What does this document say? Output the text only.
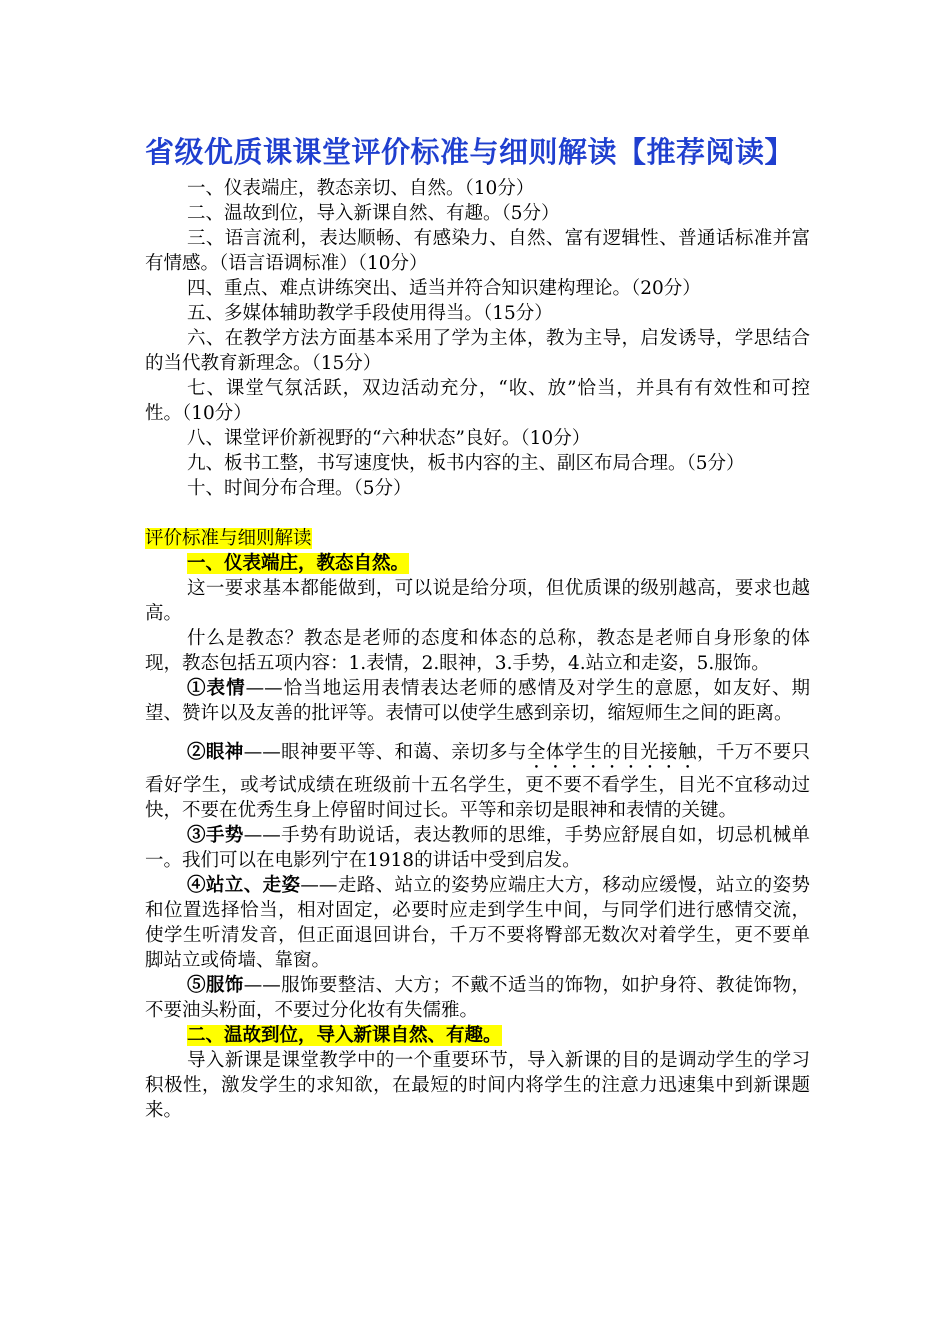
省级优质课课堂评价标准与细则解读【推荐阅读】

一、仪表端庄，教态亲切、自然。（10分）

二、温故到位，导入新课自然、有趣。（5分）

三、语言流利，表达顺畅、有感染力、自然、富有逻辑性、普通话标准并富有情感。（语言语调标准）（10分）

四、重点、难点讲练突出、适当并符合知识建构理论。（20分）

五、多媒体辅助教学手段使用得当。（15分）

六、在教学方法方面基本采用了学为主体，教为主导，启发诱导，学思结合的当代教育新理念。（15分）

七、课堂气氛活跃，双边活动充分，“收、放”恰当，并具有有效性和可控性。（10分）

八、课堂评价新视野的“六种状态”良好。（10分）

九、板书工整，书写速度快，板书内容的主、副区布局合理。（5分）

十、时间分布合理。（5分）

评价标准与细则解读

一、仪表端庄，教态自然。

这一要求基本都能做到，可以说是给分项，但优质课的级别越高，要求也越高。

什么是教态？教态是老师的态度和体态的总称，教态是老师自身形象的体现，教态包括五项内容：1.表情，2.眼神，3.手势，4.站立和走姿，5.服饰。

①表情——恰当地运用表情表达老师的感情及对学生的意愿，如友好、期望、赞许以及友善的批评等。表情可以使学生感到亲切，缩短师生之间的距离。

②眼神——眼神要平等、和蔼、亲切多与全体学生的目光接触，千万不要只看好学生，或考试成绩在班级前十五名学生，更不要不看学生，目光不宜移动过快，不要在优秀生身上停留时间过长。平等和亲切是眼神和表情的关键。

③手势——手势有助说话，表达教师的思维，手势应舒展自如，切忌机械单一。我们可以在电影列宁在1918的讲话中受到启发。

④站立、走姿——走路、站立的姿势应端庄大方，移动应缓慢，站立的姿势和位置选择恰当，相对固定，必要时应走到学生中间，与同学们进行感情交流，使学生听清发音，但正面退回讲台，千万不要将臀部无数次对着学生，更不要单脚站立或倚墙、靠窗。

⑤服饰——服饰要整洁、大方；不戴不适当的饰物，如护身符、教徒饰物，不要油头粉面，不要过分化妆有失儒雅。

二、温故到位，导入新课自然、有趣。

导入新课是课堂教学中的一个重要环节，导入新课的目的是调动学生的学习积极性，激发学生的求知欲，在最短的时间内将学生的注意力迅速集中到新课题来。
